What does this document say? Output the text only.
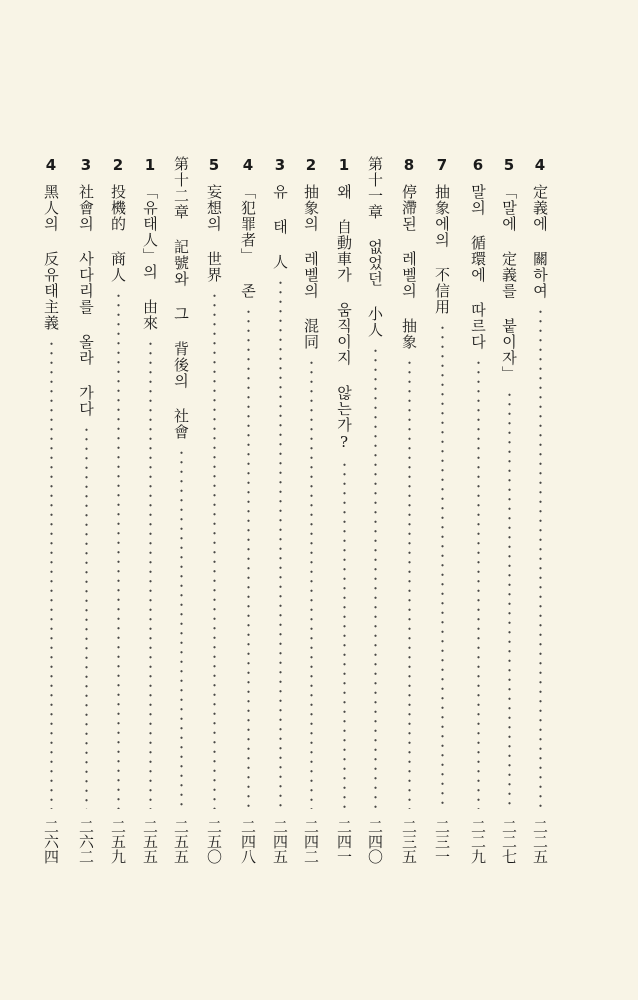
4
定義에 關하여
二二五
5
「말에 定義를 붙이자」
二二七
6
말의 循環에 따르다
二二九
7
抽象에의 不信用
二三一
8
停滯된 레벨의 抽象
二三五
第十一章 없었던 小人
二四〇
1
왜 自動車가 움직이지 않는가?
二四一
2
抽象의 레벨의 混同
二四二
3
유 태 人
二四五
4
「犯罪者」 존
二四八
5
妄想의 世界
二五〇
第十二章 記號와 그 背後의 社會
二五五
1
「유태人」의 由來
二五五
2
投機的 商人
二五九
3
社會의 사다리를 올라 가다
二六二
4
黑人의 反유태主義
二六四
